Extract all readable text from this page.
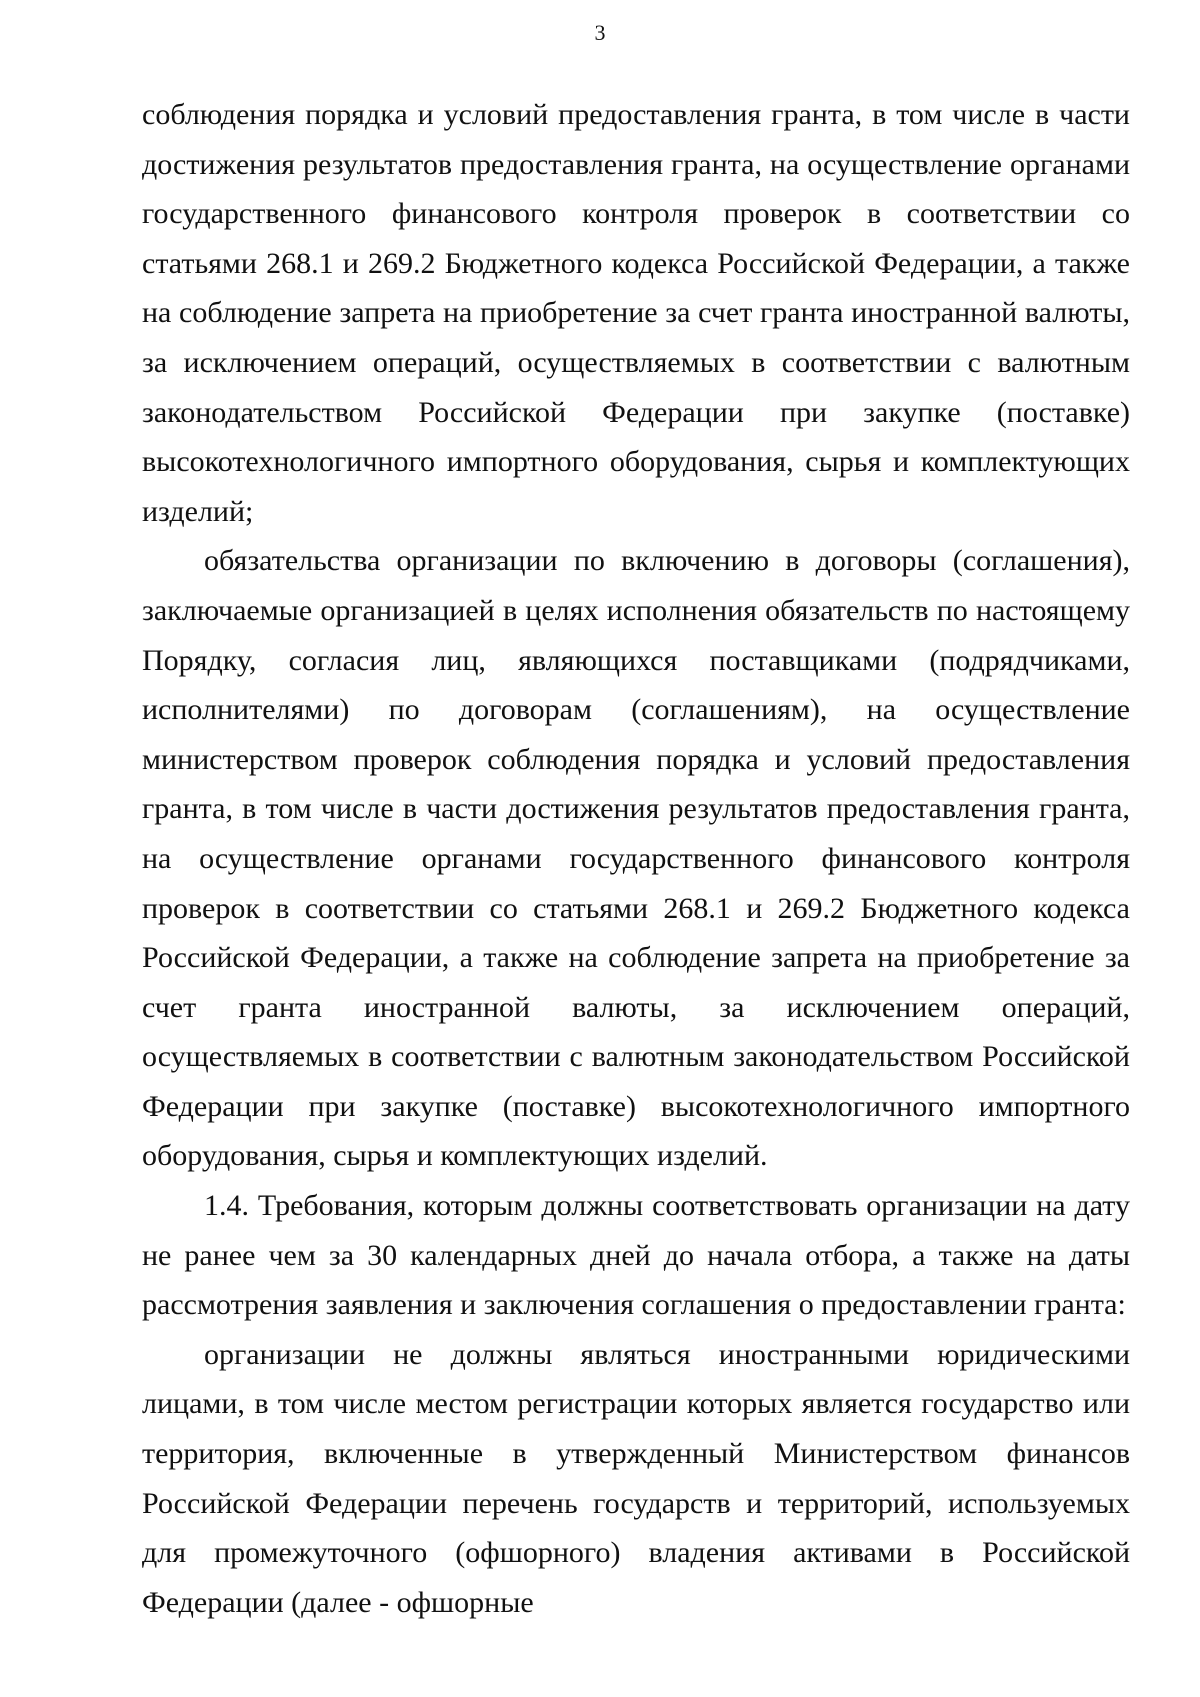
3

соблюдения порядка и условий предоставления гранта, в том числе в части достижения результатов предоставления гранта, на осуществление органами государственного финансового контроля проверок в соответствии со статьями 268.1 и 269.2 Бюджетного кодекса Российской Федерации, а также на соблюдение запрета на приобретение за счет гранта иностранной валюты, за исключением операций, осуществляемых в соответствии с валютным законодательством Российской Федерации при закупке (поставке) высокотехнологичного импортного оборудования, сырья и комплектующих изделий;

обязательства организации по включению в договоры (соглашения), заключаемые организацией в целях исполнения обязательств по настоящему Порядку, согласия лиц, являющихся поставщиками (подрядчиками, исполнителями) по договорам (соглашениям), на осуществление министерством проверок соблюдения порядка и условий предоставления гранта, в том числе в части достижения результатов предоставления гранта, на осуществление органами государственного финансового контроля проверок в соответствии со статьями 268.1 и 269.2 Бюджетного кодекса Российской Федерации, а также на соблюдение запрета на приобретение за счет гранта иностранной валюты, за исключением операций, осуществляемых в соответствии с валютным законодательством Российской Федерации при закупке (поставке) высокотехнологичного импортного оборудования, сырья и комплектующих изделий.

1.4. Требования, которым должны соответствовать организации на дату не ранее чем за 30 календарных дней до начала отбора, а также на даты рассмотрения заявления и заключения соглашения о предоставлении гранта:

организации не должны являться иностранными юридическими лицами, в том числе местом регистрации которых является государство или территория, включенные в утвержденный Министерством финансов Российской Федерации перечень государств и территорий, используемых для промежуточного (офшорного) владения активами в Российской Федерации (далее - офшорные
